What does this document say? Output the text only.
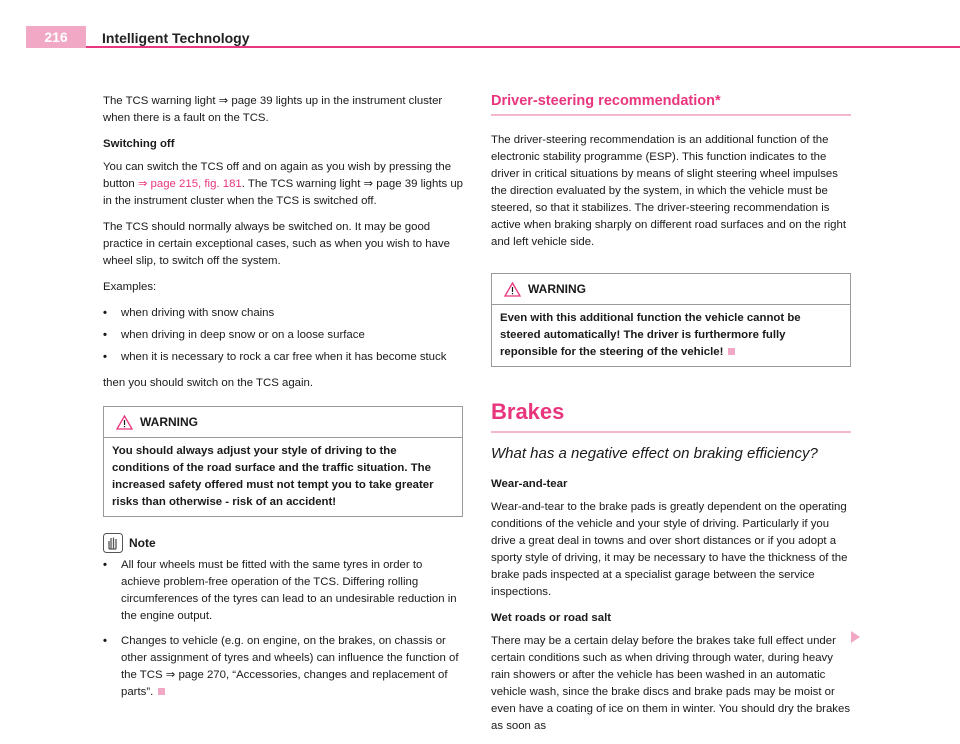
216	Intelligent Technology

The TCS warning light ⇒ page 39 lights up in the instrument cluster when there is a fault on the TCS.

Switching off

You can switch the TCS off and on again as you wish by pressing the button ⇒ page 215, fig. 181. The TCS warning light ⇒ page 39 lights up in the instrument cluster when the TCS is switched off.

The TCS should normally always be switched on. It may be good practice in certain exceptional cases, such as when you wish to have wheel slip, to switch off the system.

Examples:

• when driving with snow chains
• when driving in deep snow or on a loose surface
• when it is necessary to rock a car free when it has become stuck

then you should switch on the TCS again.

WARNING
You should always adjust your style of driving to the conditions of the road surface and the traffic situation. The increased safety offered must not tempt you to take greater risks than otherwise - risk of an accident!
Note
• All four wheels must be fitted with the same tyres in order to achieve problem-free operation of the TCS. Differing rolling circumferences of the tyres can lead to an undesirable reduction in the engine output.
• Changes to vehicle (e.g. on engine, on the brakes, on chassis or other assignment of tyres and wheels) can influence the function of the TCS ⇒ page 270, “Accessories, changes and replacement of parts”.
Driver-steering recommendation*

The driver-steering recommendation is an additional function of the electronic stability programme (ESP). This function indicates to the driver in critical situations by means of slight steering wheel impulses the direction evaluated by the system, in which the vehicle must be steered, so that it stabilizes. The driver-steering recommendation is active when braking sharply on different road surfaces and on the right and left vehicle side.

WARNING
Even with this additional function the vehicle cannot be steered automatically! The driver is furthermore fully reponsible for the steering of the vehicle!
Brakes
What has a negative effect on braking efficiency?

Wear-and-tear

Wear-and-tear to the brake pads is greatly dependent on the operating conditions of the vehicle and your style of driving. Particularly if you drive a great deal in towns and over short distances or if you adopt a sporty style of driving, it may be necessary to have the thickness of the brake pads inspected at a specialist garage between the service inspections.

Wet roads or road salt

There may be a certain delay before the brakes take full effect under certain conditions such as when driving through water, during heavy rain showers or after the vehicle has been washed in an automatic vehicle wash, since the brake discs and brake pads may be moist or even have a coating of ice on them in winter. You should dry the brakes as soon as
